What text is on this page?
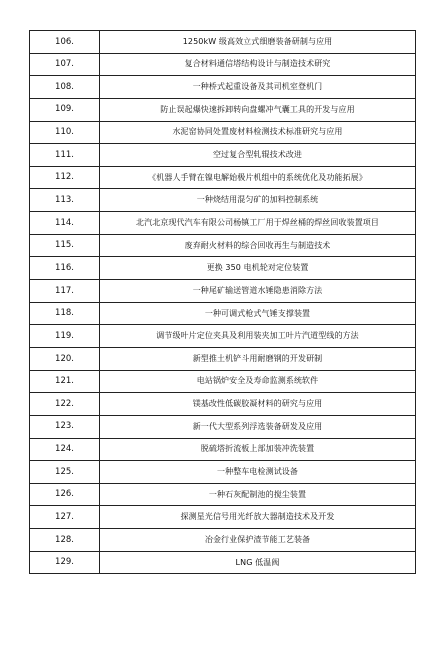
106.	1250kW 级高效立式细磨装备研制与应用
107.	复合材料通信塔结构设计与制造技术研究
108.	一种桥式起重设备及其司机室登机门
109.	防止误起爆快速拆卸转向盘螺冲气囊工具的开发与应用
110.	水泥窑协同处置废材料检测技术标准研究与应用
111.	空过复合型轧辊技术改进
112.	《机器人手臂在镍电解始极片机组中的系统优化及功能拓展》
113.	一种烧结用混匀矿的加料控制系统
114.	北汽北京现代汽车有限公司杨镇工厂用于焊丝桶的焊丝回收装置项目
115.	废弃耐火材料的综合回收再生与制造技术
116.	更换 350 电机轮对定位装置
117.	一种尾矿输送管道水锤隐患消除方法
118.	一种可调式枪式气锤支撑装置
119.	调节级叶片定位夹具及利用装夹加工叶片汽道型线的方法
120.	新型推土机铲斗用耐磨钢的开发研制
121.	电站锅炉安全及寿命监测系统软件
122.	镁基改性低碳胶凝材料的研究与应用
123.	新一代大型系列浮选装备研发及应用
124.	脱硫塔折流板上部加装冲洗装置
125.	一种整车电检测试设备
126.	一种石灰配制池的搅尘装置
127.	探测星光信号用光纤放大器制造技术及开发
128.	冶金行业保护渣节能工艺装备
129.	LNG 低温阀
